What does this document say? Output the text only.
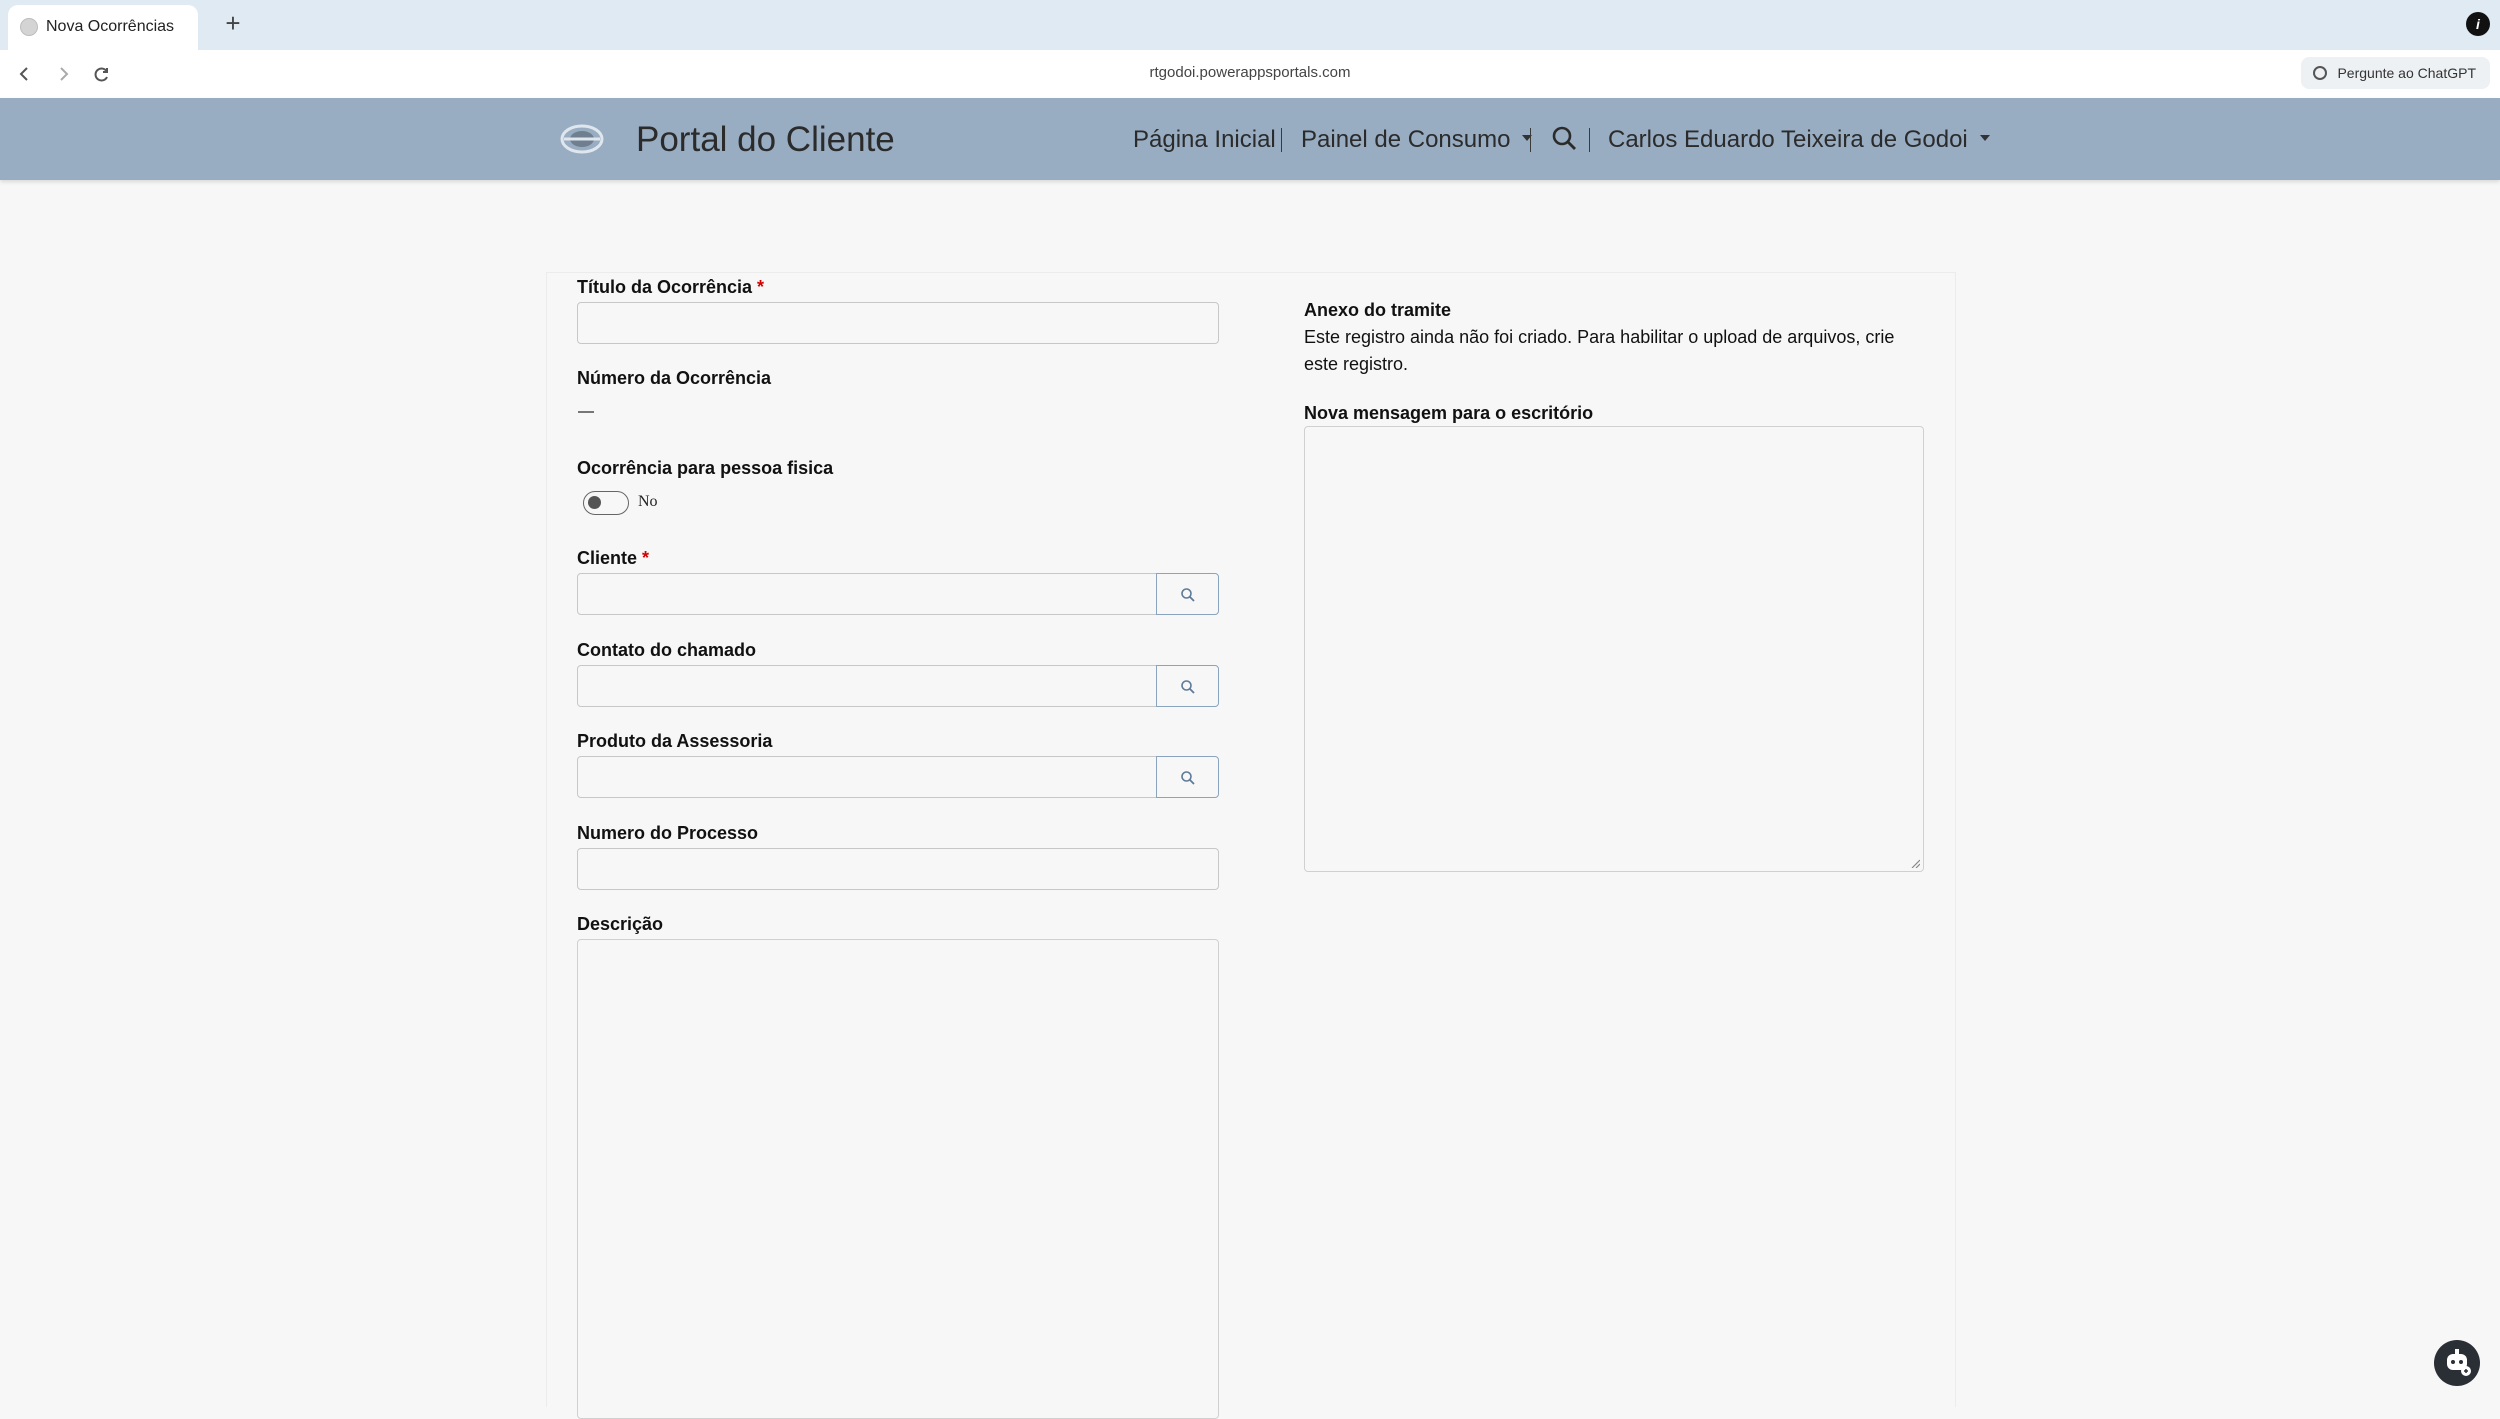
Nova Ocorrências +	i
rtgodoi.powerappsportals.com	Pergunte ao ChatGPT
Portal do Cliente	Página Inicial Painel de Consumo	Carlos Eduardo Teixeira de Godoi
Título da Ocorrência *
Número da Ocorrência
Ocorrência para pessoa fisica
No
Cliente *
Contato do chamado
Produto da Assessoria
Numero do Processo
Descrição
Anexo do tramite
Este registro ainda não foi criado. Para habilitar o upload de arquivos, crie este registro.
Nova mensagem para o escritório
